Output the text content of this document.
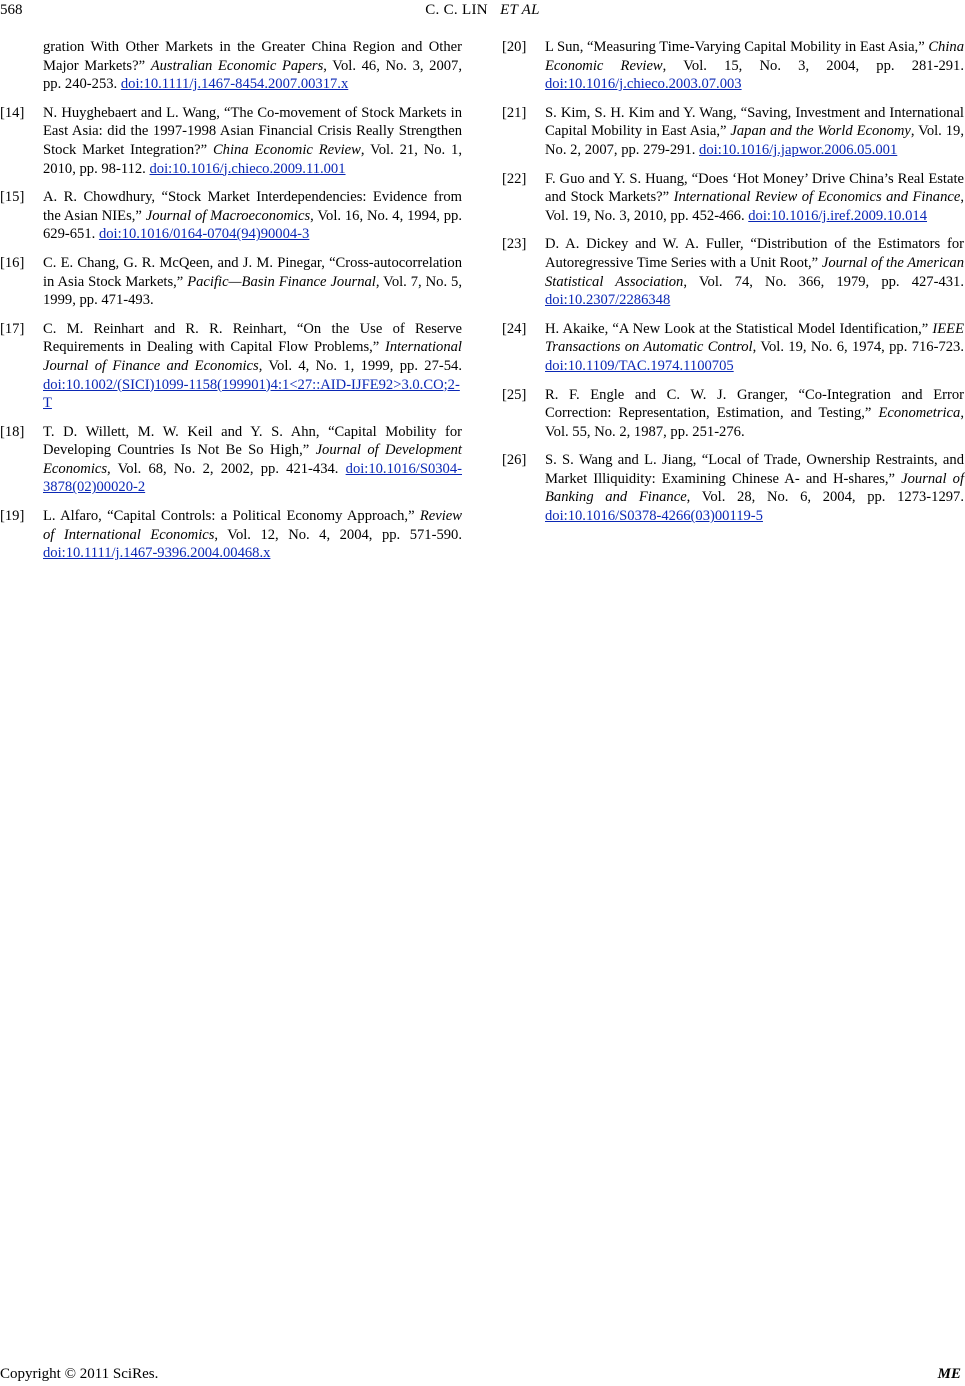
568	C. C. LIN ET AL
gration With Other Markets in the Greater China Region and Other Major Markets?” Australian Economic Papers, Vol. 46, No. 3, 2007, pp. 240-253. doi:10.1111/j.1467-8454.2007.00317.x
[14] N. Huyghebaert and L. Wang, “The Co-movement of Stock Markets in East Asia: did the 1997-1998 Asian Financial Crisis Really Strengthen Stock Market Integration?” China Economic Review, Vol. 21, No. 1, 2010, pp. 98-112. doi:10.1016/j.chieco.2009.11.001
[15] A. R. Chowdhury, “Stock Market Interdependencies: Evidence from the Asian NIEs,” Journal of Macroeconomics, Vol. 16, No. 4, 1994, pp. 629-651. doi:10.1016/0164-0704(94)90004-3
[16] C. E. Chang, G. R. McQeen, and J. M. Pinegar, “Cross-autocorrelation in Asia Stock Markets,” Pacific—Basin Finance Journal, Vol. 7, No. 5, 1999, pp. 471-493.
[17] C. M. Reinhart and R. R. Reinhart, “On the Use of Reserve Requirements in Dealing with Capital Flow Problems,” International Journal of Finance and Economics, Vol. 4, No. 1, 1999, pp. 27-54. doi:10.1002/(SICI)1099-1158(199901)4:1<27::AID-IJFE92>3.0.CO;2-T
[18] T. D. Willett, M. W. Keil and Y. S. Ahn, “Capital Mobility for Developing Countries Is Not Be So High,” Journal of Development Economics, Vol. 68, No. 2, 2002, pp. 421-434. doi:10.1016/S0304-3878(02)00020-2
[19] L. Alfaro, “Capital Controls: a Political Economy Approach,” Review of International Economics, Vol. 12, No. 4, 2004, pp. 571-590. doi:10.1111/j.1467-9396.2004.00468.x
[20] L Sun, “Measuring Time-Varying Capital Mobility in East Asia,” China Economic Review, Vol. 15, No. 3, 2004, pp. 281-291. doi:10.1016/j.chieco.2003.07.003
[21] S. Kim, S. H. Kim and Y. Wang, “Saving, Investment and International Capital Mobility in East Asia,” Japan and the World Economy, Vol. 19, No. 2, 2007, pp. 279-291. doi:10.1016/j.japwor.2006.05.001
[22] F. Guo and Y. S. Huang, “Does ‘Hot Money’ Drive China’s Real Estate and Stock Markets?” International Review of Economics and Finance, Vol. 19, No. 3, 2010, pp. 452-466. doi:10.1016/j.iref.2009.10.014
[23] D. A. Dickey and W. A. Fuller, “Distribution of the Estimators for Autoregressive Time Series with a Unit Root,” Journal of the American Statistical Association, Vol. 74, No. 366, 1979, pp. 427-431. doi:10.2307/2286348
[24] H. Akaike, “A New Look at the Statistical Model Identification,” IEEE Transactions on Automatic Control, Vol. 19, No. 6, 1974, pp. 716-723. doi:10.1109/TAC.1974.1100705
[25] R. F. Engle and C. W. J. Granger, “Co-Integration and Error Correction: Representation, Estimation, and Testing,” Econometrica, Vol. 55, No. 2, 1987, pp. 251-276.
[26] S. S. Wang and L. Jiang, “Local of Trade, Ownership Restraints, and Market Illiquidity: Examining Chinese A- and H-shares,” Journal of Banking and Finance, Vol. 28, No. 6, 2004, pp. 1273-1297. doi:10.1016/S0378-4266(03)00119-5
Copyright © 2011 SciRes.	ME
